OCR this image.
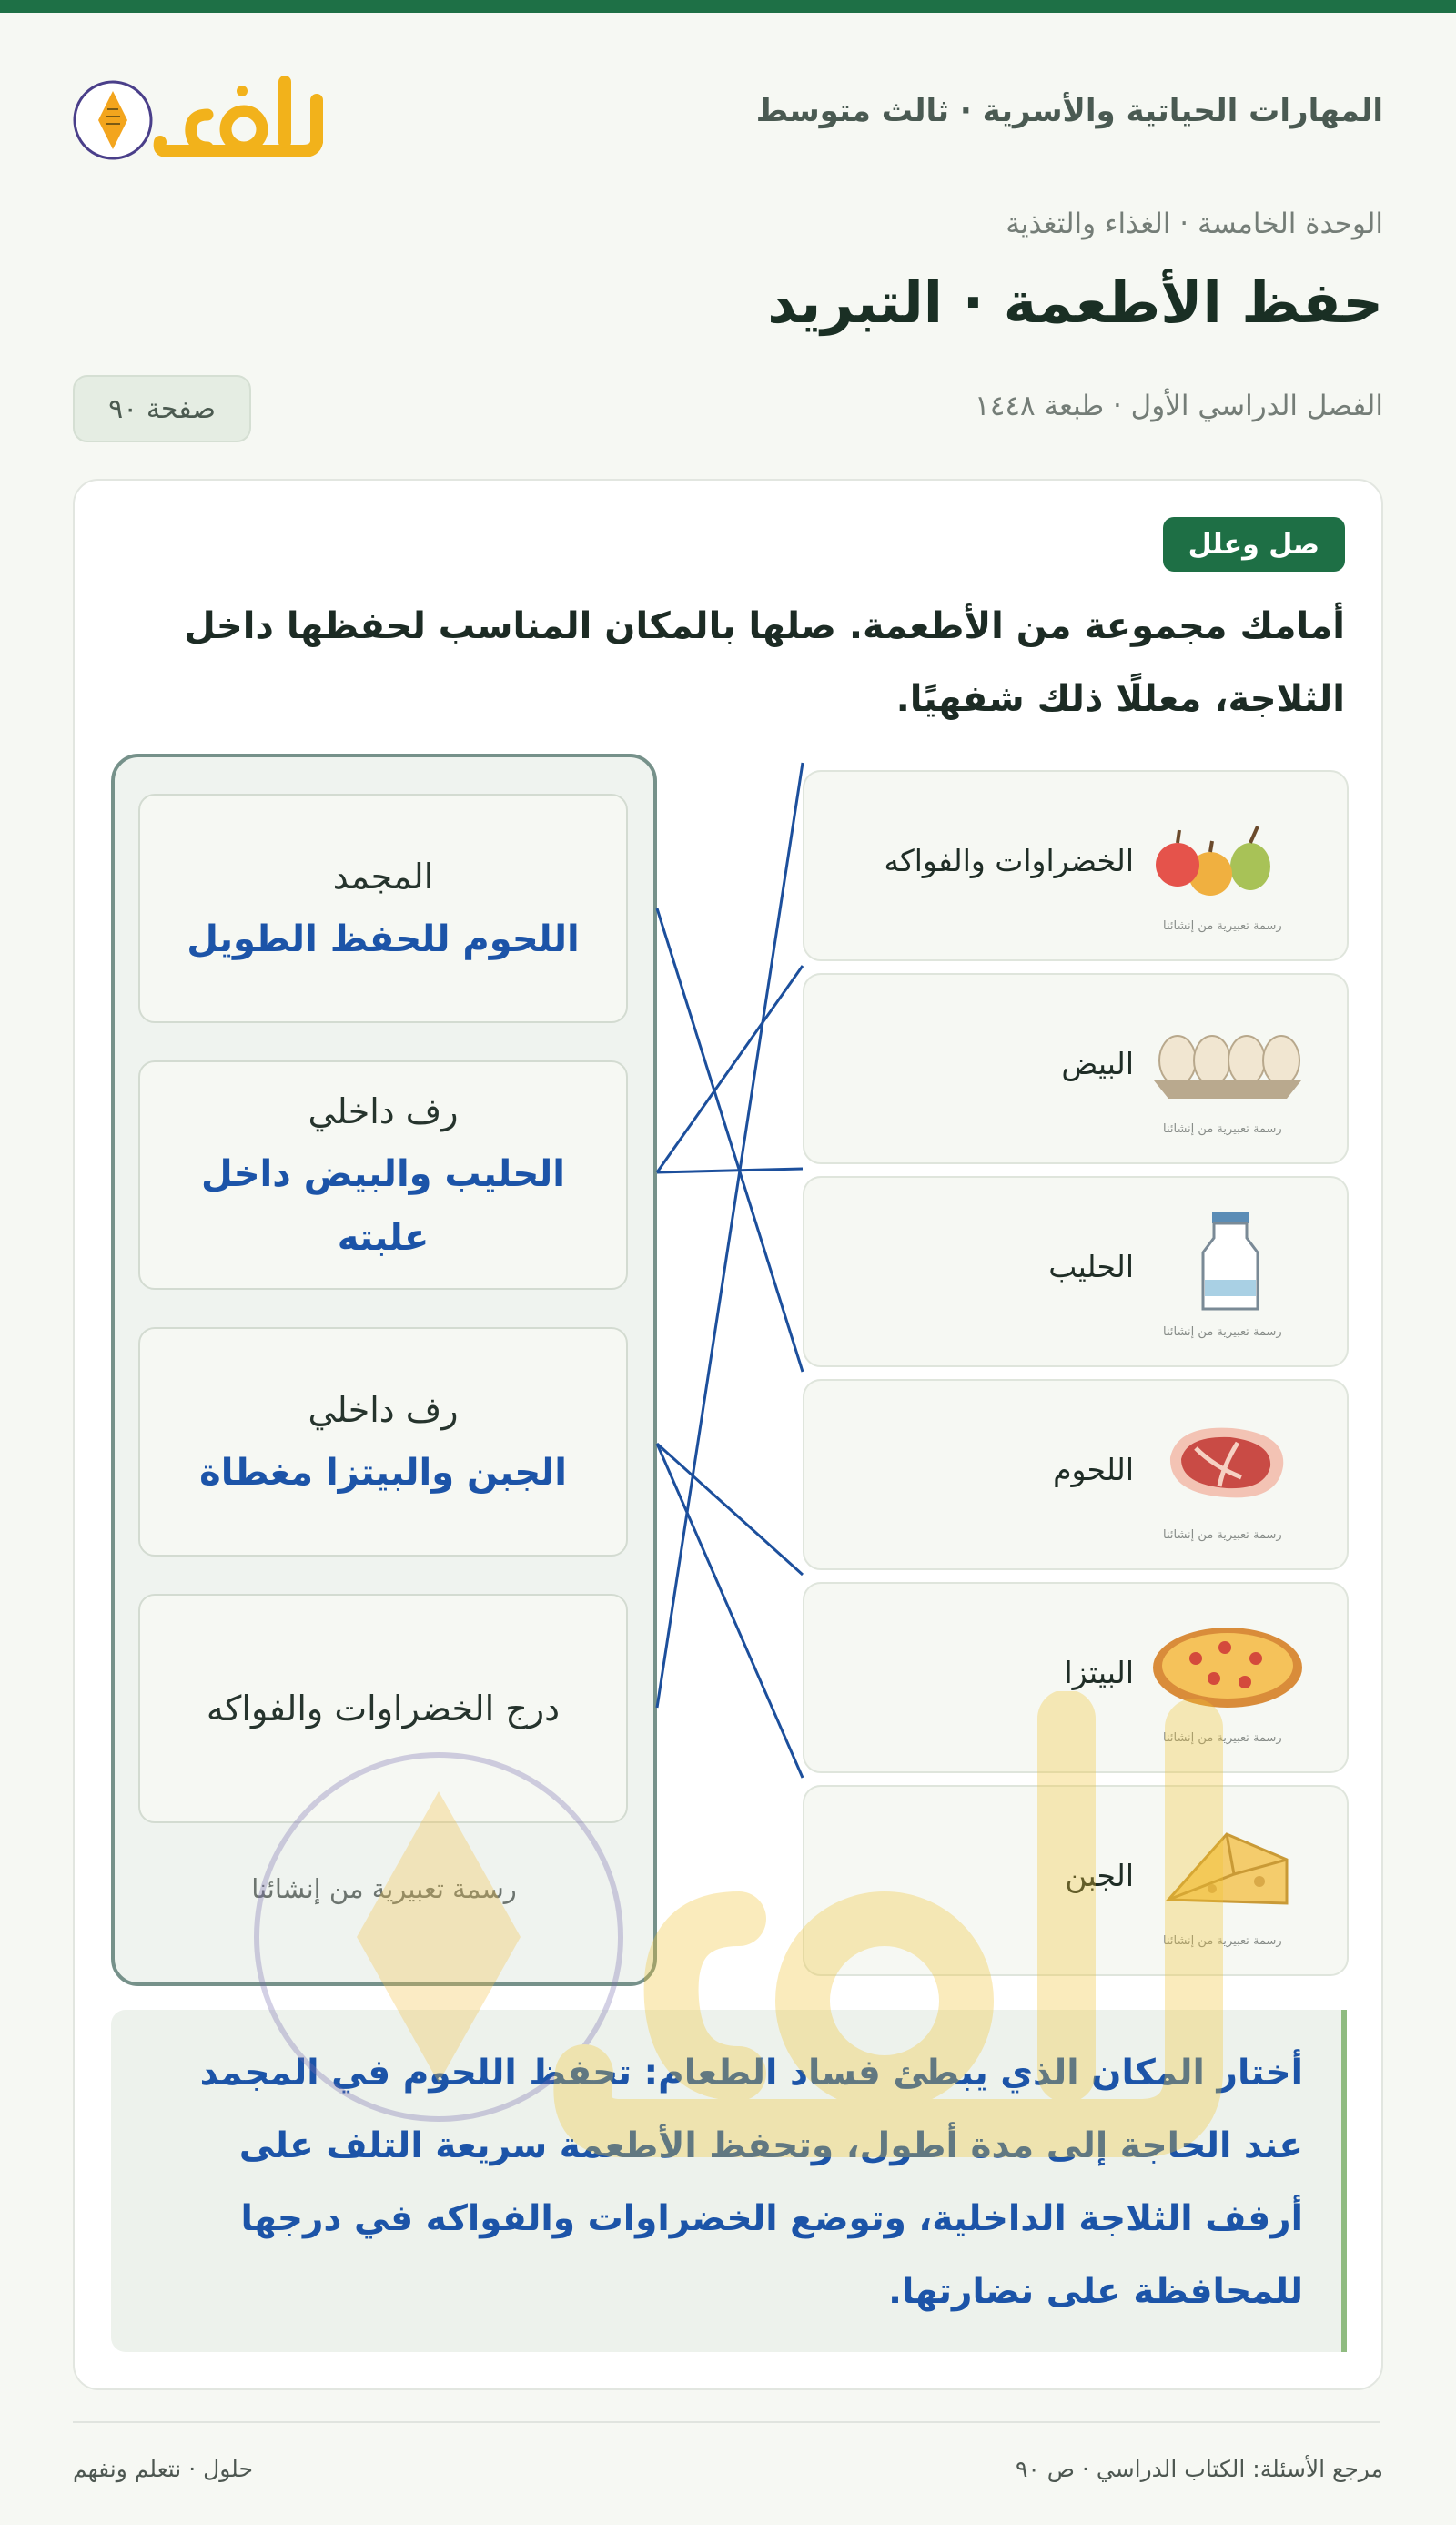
المهارات الحياتية والأسرية · ثالث متوسط
الوحدة الخامسة · الغذاء والتغذية
حفظ الأطعمة · التبريد
الفصل الدراسي الأول · طبعة ١٤٤٨
صفحة ٩٠
صل وعلل
أمامك مجموعة من الأطعمة. صلها بالمكان المناسب لحفظها داخل الثلاجة، معللًا ذلك شفهيًا.
الخضراوات والفواكه
رسمة تعبيرية من إنشائنا
البيض
رسمة تعبيرية من إنشائنا
الحليب
رسمة تعبيرية من إنشائنا
اللحوم
رسمة تعبيرية من إنشائنا
البيتزا
رسمة تعبيرية من إنشائنا
الجبن
رسمة تعبيرية من إنشائنا
المجمد
اللحوم للحفظ الطويل
رف داخلي
الحليب والبيض داخل علبته
رف داخلي
الجبن والبيتزا مغطاة
درج الخضراوات والفواكه
رسمة تعبيرية من إنشائنا
أختار المكان الذي يبطئ فساد الطعام: تحفظ اللحوم في المجمد عند الحاجة إلى مدة أطول، وتحفظ الأطعمة سريعة التلف على أرفف الثلاجة الداخلية، وتوضع الخضراوات والفواكه في درجها للمحافظة على نضارتها.
مرجع الأسئلة: الكتاب الدراسي · ص ٩٠
حلول · نتعلم ونفهم
